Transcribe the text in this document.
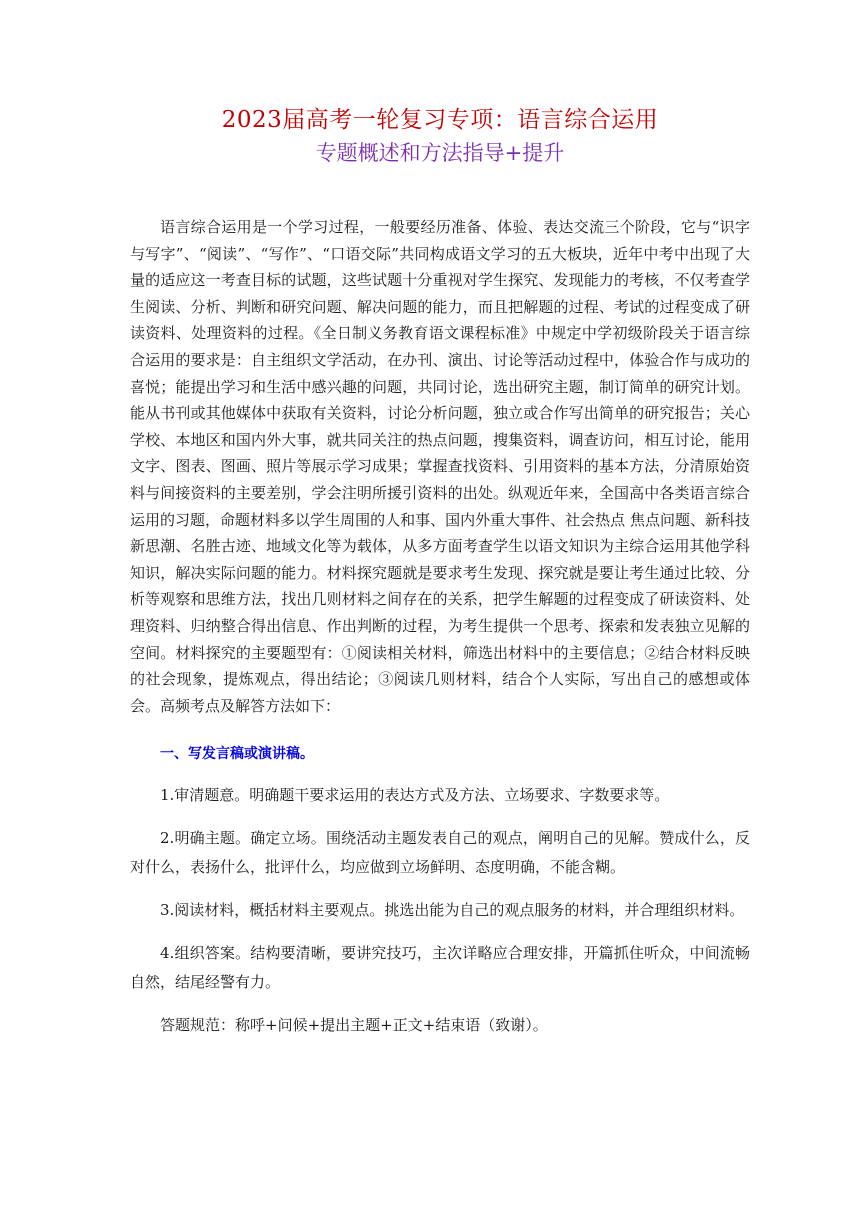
2023届高考一轮复习专项：语言综合运用
专题概述和方法指导+提升

语言综合运用是一个学习过程，一般要经历准备、体验、表达交流三个阶段，它与“识字与写字”、“阅读”、“写作”、“口语交际”共同构成语文学习的五大板块，近年中考中出现了大量的适应这一考查目标的试题，这些试题十分重视对学生探究、发现能力的考核，不仅考查学生阅读、分析、判断和研究问题、解决问题的能力，而且把解题的过程、考试的过程变成了研读资料、处理资料的过程。《全日制义务教育语文课程标准》中规定中学初级阶段关于语言综合运用的要求是：自主组织文学活动，在办刊、演出、讨论等活动过程中，体验合作与成功的喜悦；能提出学习和生活中感兴趣的问题，共同讨论，选出研究主题，制订简单的研究计划。能从书刊或其他媒体中获取有关资料，讨论分析问题，独立或合作写出简单的研究报告；关心学校、本地区和国内外大事，就共同关注的热点问题，搜集资料，调查访问，相互讨论，能用文字、图表、图画、照片等展示学习成果；掌握查找资料、引用资料的基本方法，分清原始资料与间接资料的主要差别，学会注明所援引资料的出处。纵观近年来，全国高中各类语言综合运用的习题，命题材料多以学生周围的人和事、国内外重大事件、社会热点 焦点问题、新科技新思潮、名胜古迹、地域文化等为载体，从多方面考查学生以语文知识为主综合运用其他学科知识，解决实际问题的能力。材料探究题就是要求考生发现、探究就是要让考生通过比较、分析等观察和思维方法，找出几则材料之间存在的关系，把学生解题的过程变成了研读资料、处理资料、归纳整合得出信息、作出判断的过程，为考生提供一个思考、探索和发表独立见解的空间。材料探究的主要题型有：①阅读相关材料，筛选出材料中的主要信息；②结合材料反映的社会现象，提炼观点，得出结论；③阅读几则材料，结合个人实际，写出自己的感想或体会。高频考点及解答方法如下：

一、写发言稿或演讲稿。

1.审清题意。明确题干要求运用的表达方式及方法、立场要求、字数要求等。

2.明确主题。确定立场。围绕活动主题发表自己的观点，阐明自己的见解。赞成什么，反对什么，表扬什么，批评什么，均应做到立场鲜明、态度明确，不能含糊。

3.阅读材料，概括材料主要观点。挑选出能为自己的观点服务的材料，并合理组织材料。

4.组织答案。结构要清晰，要讲究技巧，主次详略应合理安排，开篇抓住听众，中间流畅自然，结尾经警有力。

答题规范：称呼+问候+提出主题+正文+结束语（致谢）。
